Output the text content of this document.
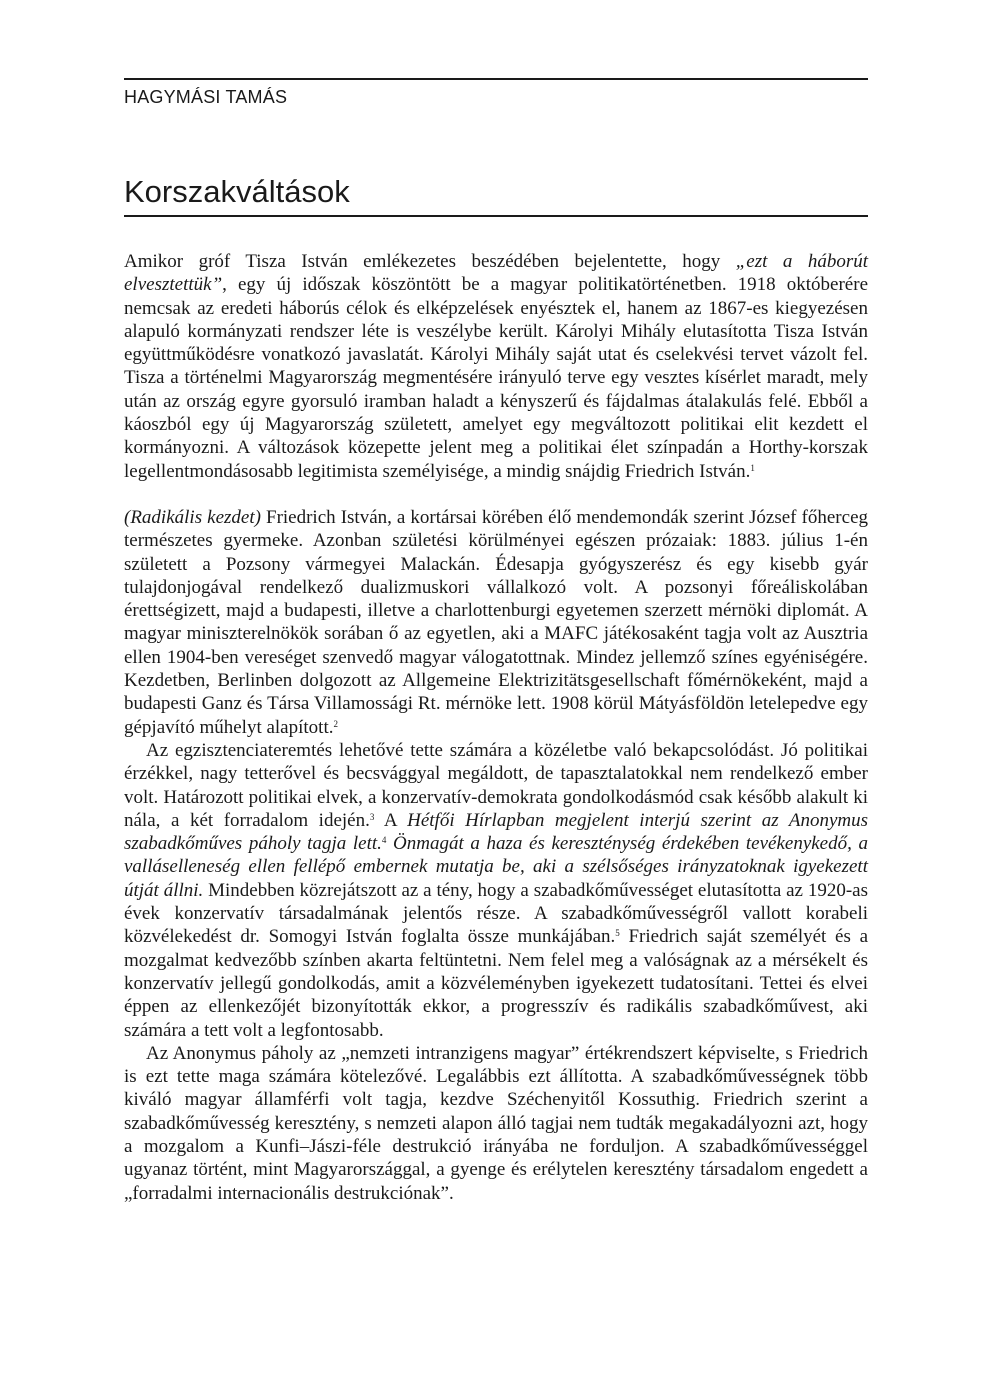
HAGYMÁSI TAMÁS
Korszakváltások

Amikor gróf Tisza István emlékezetes beszédében bejelentette, hogy „ezt a háborút elvesztettük”, egy új időszak köszöntött be a magyar politikatörténetben. 1918 októberére nemcsak az eredeti háborús célok és elképzelések enyésztek el, hanem az 1867-es kiegyezésen alapuló kormányzati rendszer léte is veszélybe került. Károlyi Mihály elutasította Tisza István együttműködésre vonatkozó javaslatát. Károlyi Mihály saját utat és cselekvési tervet vázolt fel. Tisza a történelmi Magyarország megmentésére irányuló terve egy vesztes kísérlet maradt, mely után az ország egyre gyorsuló iramban haladt a kényszerű és fájdalmas átalakulás felé. Ebből a káoszból egy új Magyarország született, amelyet egy megváltozott politikai elit kezdett el kormányozni. A változások közepette jelent meg a politikai élet színpadán a Horthy-korszak legellentmondásosabb legitimista személyisége, a mindig snájdig Friedrich István.$^1$

(Radikális kezdet) Friedrich István, a kortársai körében élő mendemondák szerint József főherceg természetes gyermeke. Azonban születési körülményei egészen prózaiak: 1883. július 1-én született a Pozsony vármegyei Malackán. Édesapja gyógyszerész és egy kisebb gyár tulajdonjogával rendelkező dualizmuskori vállalkozó volt. A pozsonyi főreáliskolában érettségizett, majd a budapesti, illetve a charlottenburgi egyetemen szerzett mérnöki diplomát. A magyar miniszterelnökök sorában ő az egyetlen, aki a MAFC játékosaként tagja volt az Ausztria ellen 1904-ben vereséget szenvedő magyar válogatottnak. Mindez jellemző színes egyéniségére. Kezdetben, Berlinben dolgozott az Allgemeine Elektrizitätsgesellschaft főmérnökeként, majd a budapesti Ganz és Társa Villamossági Rt. mérnöke lett. 1908 körül Mátyásföldön letelepedve egy gépjavító műhelyt alapított.$^2$

Az egzisztenciateremtés lehetővé tette számára a közéletbe való bekapcsolódást. Jó politikai érzékkel, nagy tetterővel és becsvággyal megáldott, de tapasztalatokkal nem rendelkező ember volt. Határozott politikai elvek, a konzervatív-demokrata gondolkodásmód csak később alakult ki nála, a két forradalom idején.$^3$ A Hétfői Hírlapban megjelent interjú szerint az Anonymus szabadkőműves páholy tagja lett.$^4$ Önmagát a haza és kereszténység érdekében tevékenykedő, a valláselleneség ellen fellépő embernek mutatja be, aki a szélsőséges irányzatoknak igyekezett útját állni. Mindebben közrejátszott az a tény, hogy a szabadkőművességet elutasította az 1920-as évek konzervatív társadalmának jelentős része. A szabadkőművességről vallott korabeli közvélekedést dr. Somogyi István foglalta össze munkájában.$^5$ Friedrich saját személyét és a mozgalmat kedvezőbb színben akarta feltüntetni. Nem felel meg a valóságnak az a mérsékelt és konzervatív jellegű gondolkodás, amit a közvéleményben igyekezett tudatosítani. Tettei és elvei éppen az ellenkezőjét bizonyították ekkor, a progresszív és radikális szabadkőművest, aki számára a tett volt a legfontosabb.

Az Anonymus páholy az „nemzeti intranzigens magyar” értékrendszert képviselte, s Friedrich is ezt tette maga számára kötelezővé. Legalábbis ezt állította. A szabadkőművességnek több kiváló magyar államférfi volt tagja, kezdve Széchenyitől Kossuthig. Friedrich szerint a szabadkőművesség keresztény, s nemzeti alapon álló tagjai nem tudták megakadályozni azt, hogy a mozgalom a Kunfi–Jászi-féle destrukció irányába ne forduljon. A szabadkőművességgel ugyanaz történt, mint Magyarországgal, a gyenge és erélytelen keresztény társadalom engedett a „forradalmi internacionális destrukciónak”.
